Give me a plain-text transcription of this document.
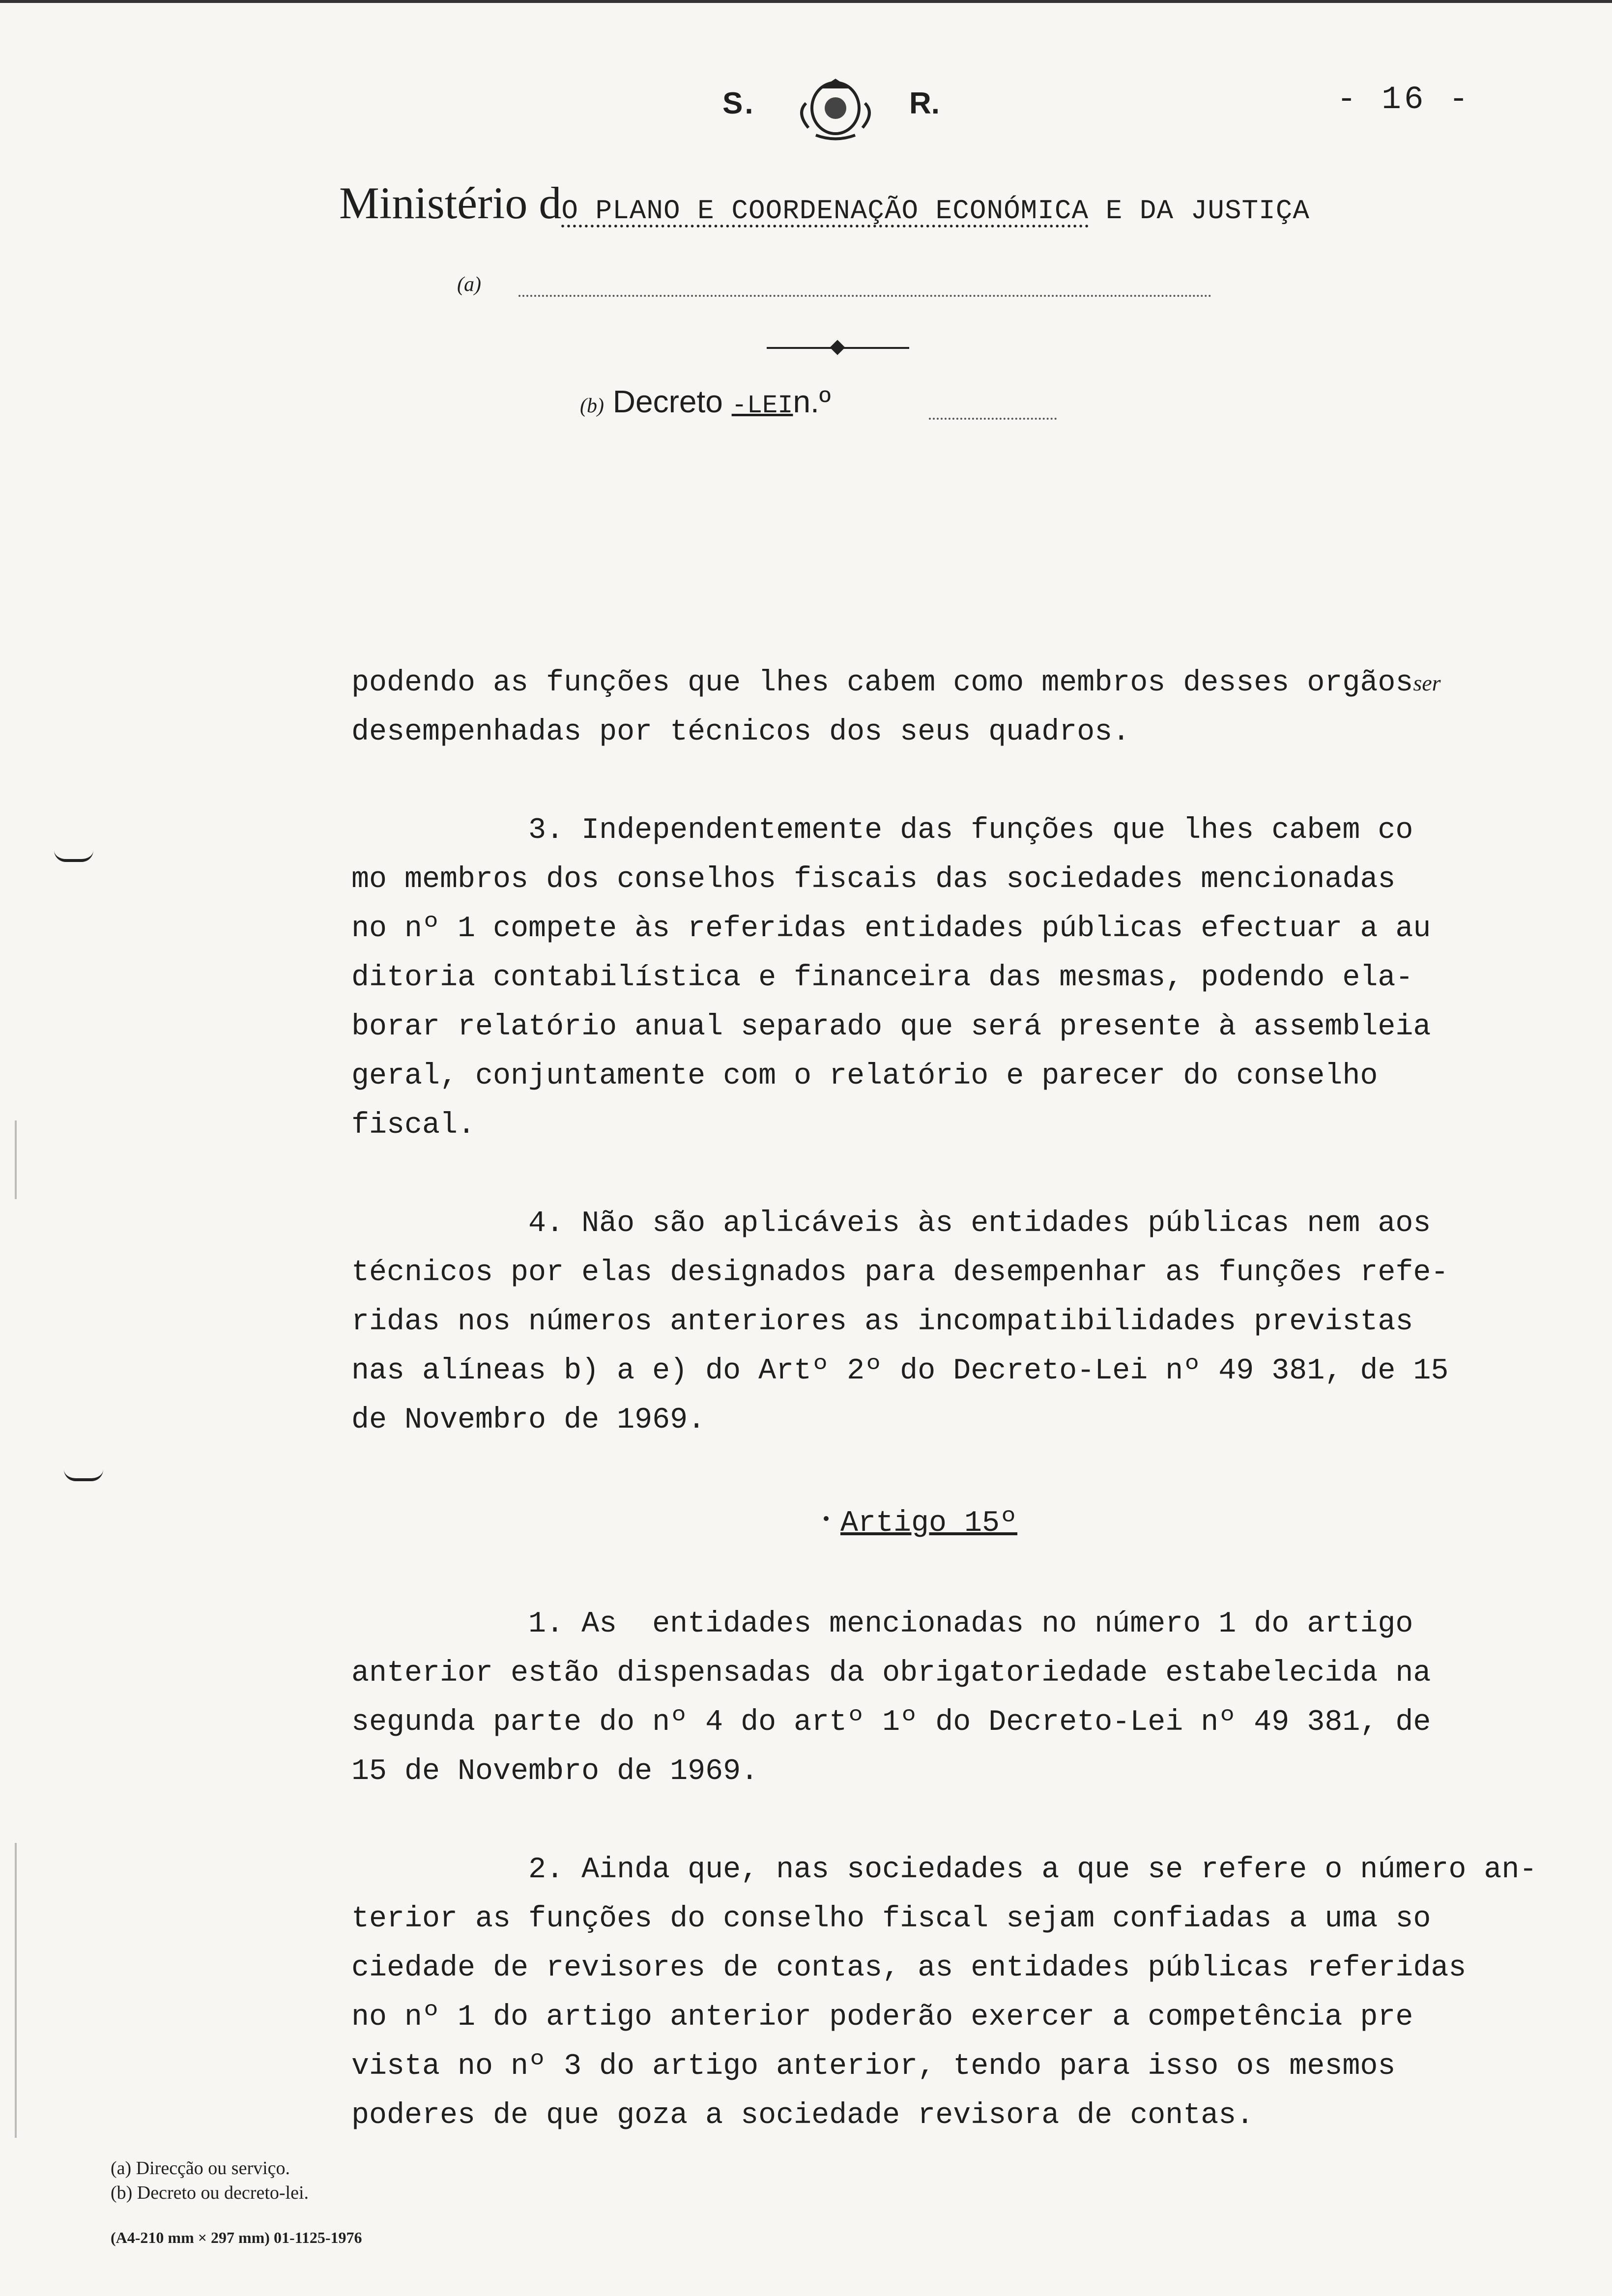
S.	R.	- 16 -
Ministério dO PLANO E COORDENAÇÃO ECONÓMICA E DA JUSTIÇA
(a)
(b) Decreto -LEIn.º
podendo as funções que lhes cabem como membros desses orgãosser
desempenhadas por técnicos dos seus quadros.
3. Independentemente das funções que lhes cabem co
mo membros dos conselhos fiscais das sociedades mencionadas
no nº 1 compete às referidas entidades públicas efectuar a au
ditoria contabilística e financeira das mesmas, podendo ela-
borar relatório anual separado que será presente à assembleia
geral, conjuntamente com o relatório e parecer do conselho
fiscal.
4. Não são aplicáveis às entidades públicas nem aos
técnicos por elas designados para desempenhar as funções refe-
ridas nos números anteriores as incompatibilidades previstas
nas alíneas b) a e) do Artº 2º do Decreto-Lei nº 49 381, de 15
de Novembro de 1969.
Artigo 15º
1. As  entidades mencionadas no número 1 do artigo
anterior estão dispensadas da obrigatoriedade estabelecida na
segunda parte do nº 4 do artº 1º do Decreto-Lei nº 49 381, de
15 de Novembro de 1969.
2. Ainda que, nas sociedades a que se refere o número an-
terior as funções do conselho fiscal sejam confiadas a uma so
ciedade de revisores de contas, as entidades públicas referidas
no nº 1 do artigo anterior poderão exercer a competência pre
vista no nº 3 do artigo anterior, tendo para isso os mesmos
poderes de que goza a sociedade revisora de contas.
(a) Direcção ou serviço.
(b) Decreto ou decreto-lei.
(A4-210 mm × 297 mm) 01-1125-1976
